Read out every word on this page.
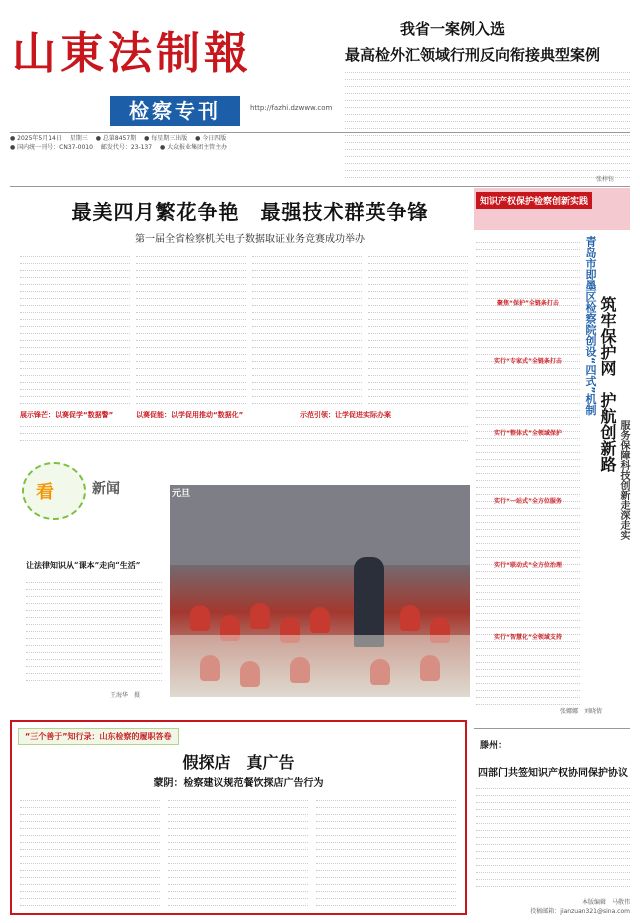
山東法制報
检察专刊	http://fazhi.dzwww.com
● 2025年5月14日 星期三 ● 总第8457期 ● 每星期三出版 ● 今日四版
● 国内统一刊号：CN37-0010 邮发代号：23-137 ● 大众报业集团主管主办
我省一案例入选
最高检外汇领域行刑反向衔接典型案例
张梓钰
最美四月繁花争艳　最强技术群英争锋
第一届全省检察机关电子数据取证业务竞赛成功举办
展示锋芒：以赛促学“数据警”	以赛促能：以学促用推动“数据化”	示范引领：让学促进实际办案
看	新闻	元旦
让法律知识从“课本”走向“生活”
王海华　摄
知识产权保护检察创新实践
聚焦“保护”全链条打击
实行“专家式”全链条打击
实行“整体式”全领域保护
实行“一站式”全方位服务
实行“联动式”全方位治理
实行“智慧化”全领域支持
青岛市即墨区检察院创设“四式”机制 筑牢保护网　护航创新路
服务保障科技创新走深走实
张娜娜　刘晓倩
“三个善于”知行录：山东检察的履职答卷
假探店　真广告
蒙阴：检察建议规范餐饮探店广告行为
滕州：
四部门共签知识产权协同保护协议
本版编辑　马敬伟
投稿邮箱：jianzuan321@sina.com
